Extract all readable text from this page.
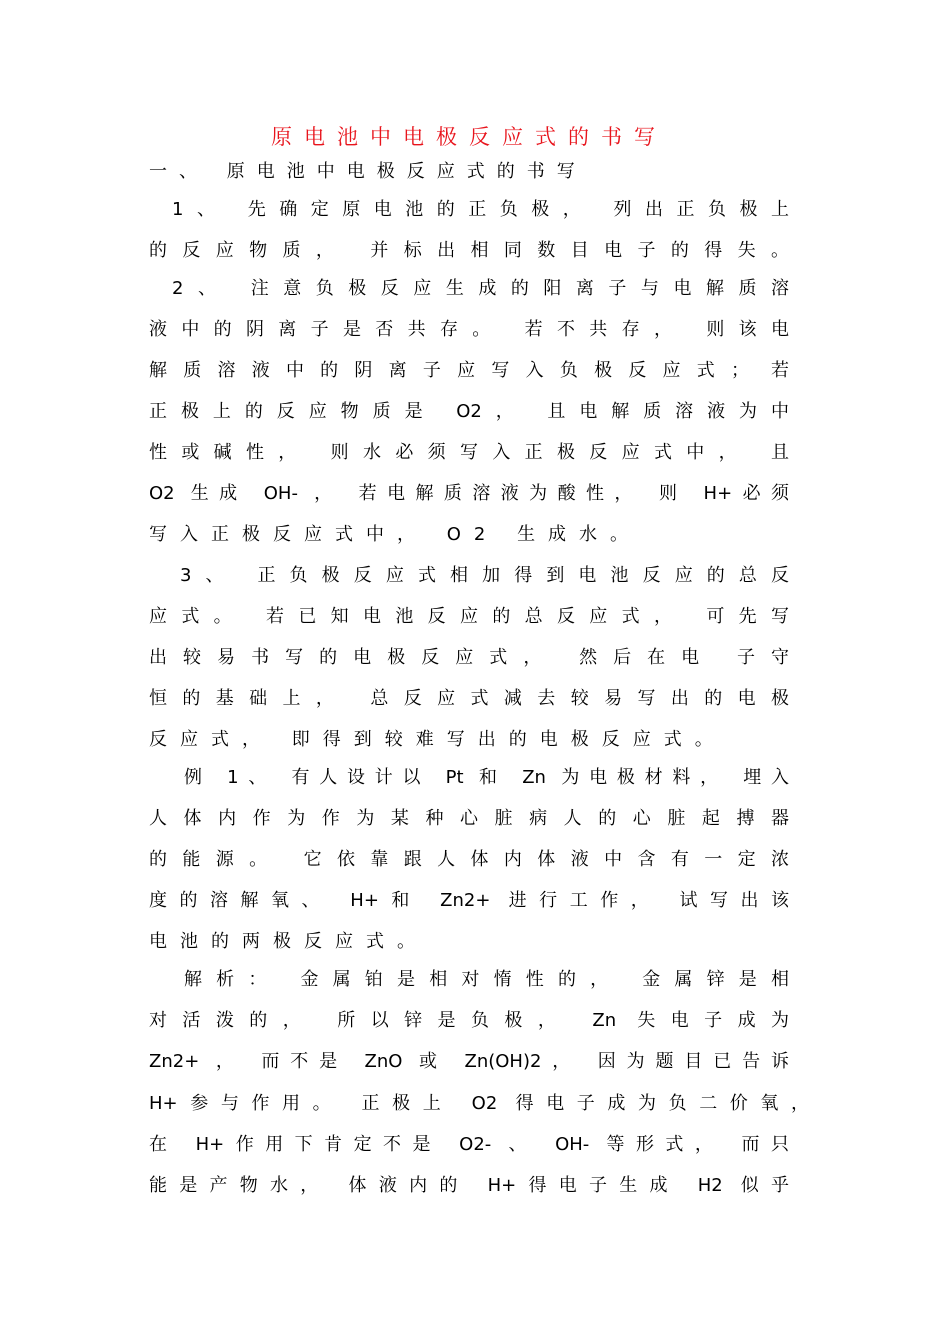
原电池中电极反应式的书写
一、 原电池中电极反应式的书写
1、 先确定原电池的正负极， 列出正负极上
的反应物质， 并标出相同数目电子的得失。
2、 注意负极反应生成的阳离子与电解质溶
液中的阴离子是否共存。 若不共存， 则该电
解质溶液中的阴离子应写入负极反应式； 若
正极上的反应物质是 O2， 且电解质溶液为中
性或碱性， 则水必须写入正极反应式中， 且
O2 生成 OH- ， 若电解质溶液为酸性， 则 H+必须
写入正极反应式中， O2 生成水。
3、 正负极反应式相加得到电池反应的总反
应式。 若已知电池反应的总反应式， 可先写
出较易书写的电极反应式， 然后在电 子守
恒的基础上， 总反应式减去较易写出的电极
反应式， 即得到较难写出的电极反应式。
例 1、 有人设计以 Pt 和 Zn 为电极材料， 埋入
人体内作为作为某种心脏病人的心脏起搏器
的能源。 它依靠跟人体内体液中含有一定浓
度的溶解氧、 H+和 Zn2+ 进行工作， 试写出该
电池的两极反应式。
解析： 金属铂是相对惰性的， 金属锌是相
对活泼的， 所以锌是负极， Zn 失电子成为
Zn2+ ， 而不是 ZnO 或 Zn(OH)2， 因为题目已告诉
H+参与作用。 正极上 O2 得电子成为负二价氧，
在 H+作用下肯定不是 O2- 、 OH- 等形式， 而只
能是产物水， 体液内的 H+得电子生成 H2 似乎
